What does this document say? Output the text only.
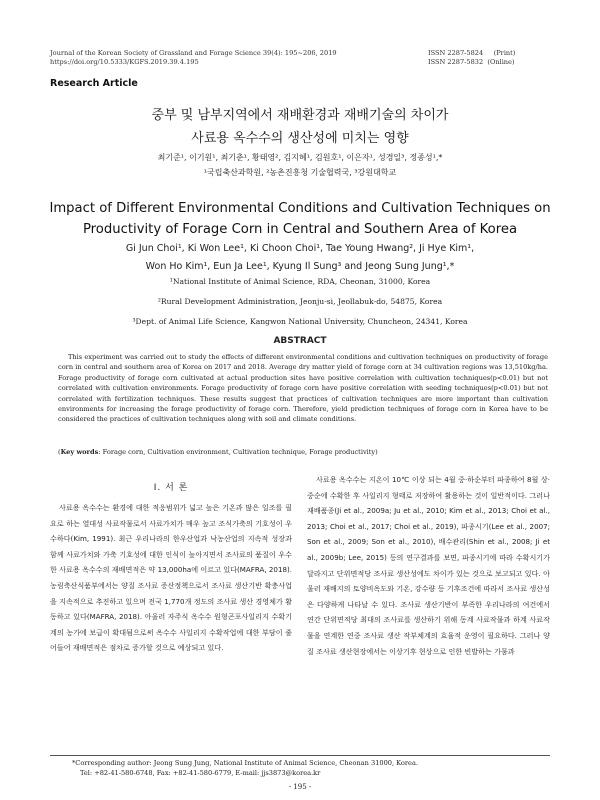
Journal of the Korean Society of Grassland and Forage Science 39(4): 195~206, 2019
https://doi.org/10.5333/KGFS.2019.39.4.195
ISSN 2287-5824     (Print)
ISSN 2287-5832  (Online)
Research Article
중부 및 남부지역에서 재배환경과 재배기술의 차이가
사료용 옥수수의 생산성에 미치는 영향
최기준¹, 이기원¹, 최기춘¹, 황태영², 김지혜¹, 김원호¹, 이은자¹, 성경일³, 정종성¹,*
¹국립축산과학원, ²농촌진흥청 기술협력국, ³강원대학교
Impact of Different Environmental Conditions and Cultivation Techniques on
Productivity of Forage Corn in Central and Southern Area of Korea
Gi Jun Choi¹, Ki Won Lee¹, Ki Choon Choi¹, Tae Young Hwang², Ji Hye Kim¹,
Won Ho Kim¹, Eun Ja Lee¹, Kyung Il Sung³ and Jeong Sung Jung¹,*
¹National Institute of Animal Science, RDA, Cheonan, 31000, Korea
²Rural Development Administration, Jeonju-si, Jeollabuk-do, 54875, Korea
³Dept. of Animal Life Science, Kangwon National University, Chuncheon, 24341, Korea
ABSTRACT
This experiment was carried out to study the effects of different environmental conditions and cultivation techniques on productivity of forage corn in central and southern area of Korea on 2017 and 2018. Average dry matter yield of forage corn at 34 cultivation regions was 13,510kg/ha. Forage productivity of forage corn cultivated at actual production sites have positive correlation with cultivation techniques(p<0.01) but not correlated with cultivation environments. Forage productivity of forage corn have positive correlation with seeding techniques(p<0.01) but not correlated with fertilization techniques. These results suggest that practices of cultivation techniques are more important than cultivation environments for increasing the forage productivity of forage corn. Therefore, yield prediction techniques of forage corn in Korea have to be considered the practices of cultivation techniques along with soil and climate conditions.
(Key words: Forage corn, Cultivation environment, Cultivation technique, Forage productivity)
Ⅰ. 서 론
사료용 옥수수는 환경에 대한 적응범위가 넓고 높은 기온과 많은 일조를 필요로 하는 열대성 사료작물로서 사료가치가 매우 높고 조식가축의 기호성이 우수하다(Kim, 1991). 최근 우리나라의 한우산업과 낙농산업의 지속적 성장과 함께 사료가치와 가축 기호성에 대한 인식이 높아지면서 조사료의 품질이 우수한 사료용 옥수수의 재배면적은 약 13,000ha에 이르고 있다(MAFRA, 2018). 농림축산식품부에서는 양질 조사료 증산정책으로서 조사료 생산기반 확충사업을 지속적으로 추진하고 있으며 전국 1,770개 정도의 조사료 생산 경영체가 활동하고 있다(MAFRA, 2018). 아울러 자주식 옥수수 원형곤포사일리지 수확기계의 농가에 보급이 확대됨으로써 옥수수 사일리지 수확작업에 대한 부담이 줄어들어 재배면적은 점차로 증가할 것으로 예상되고 있다.
사료용 옥수수는 지온이 10℃ 이상 되는 4월 중·하순부터 파종하여 8월 상·중순에 수확한 후 사일리지 형태로 저장하여 활용하는 것이 일반적이다. 그러나 재배품종(Ji et al., 2009a; Ju et al., 2010; Kim et al., 2013; Choi et al., 2013; Choi et al., 2017; Choi et al., 2019), 파종시기(Lee et al., 2007; Son et al., 2009; Son et al., 2010), 배수관리(Shin et al., 2008; Ji et al., 2009b; Lee, 2015) 등의 연구결과를 보면, 파종시기에 따라 수확시기가 달라지고 단위면적당 조사료 생산성에도 차이가 있는 것으로 보고되고 있다. 아울러 재배지의 토양비옥도와 기온, 강수량 등 기후조건에 따라서 조사료 생산성은 다양하게 나타날 수 있다. 조사료 생산기반이 부족한 우리나라의 여건에서 연간 단위면적당 최대의 조사료를 생산하기 위해 동계 사료작물과 하계 사료작물을 연계한 연중 조사료 생산 작부체계의 효율적 운영이 필요하다. 그러나 양질 조사료 생산현장에서는 이상기후 현상으로 인한 빈발하는 가뭄과
*Corresponding author: Jeong Sung Jung, National Institute of Animal Science, Cheonan 31000, Korea.
Tel: +82-41-580-6748, Fax: +82-41-580-6779, E-mail: jjs3873@korea.kr
- 195 -
